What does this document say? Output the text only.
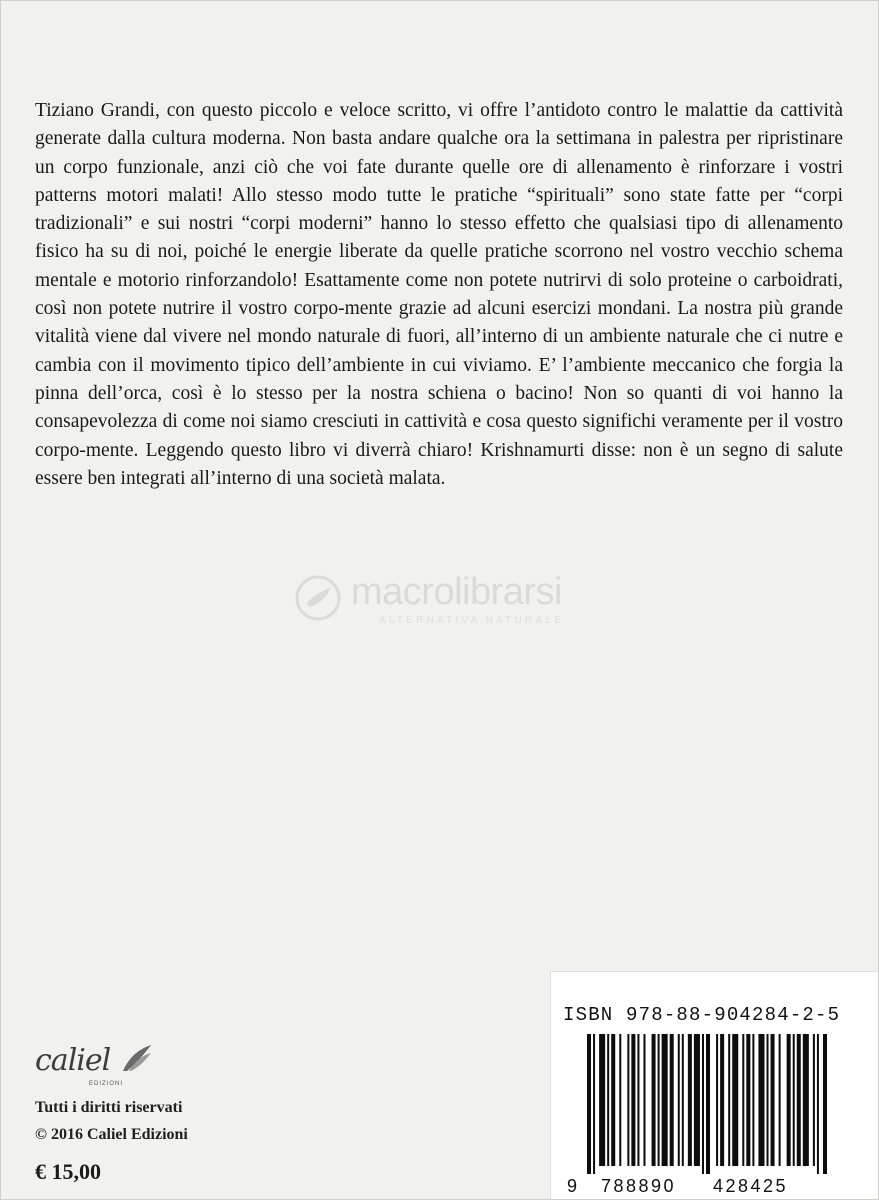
Tiziano Grandi, con questo piccolo e veloce scritto, vi offre l’antidoto contro le malattie da cattività generate dalla cultura moderna. Non basta andare qualche ora la settimana in palestra per ripristinare un corpo funzionale, anzi ciò che voi fate durante quelle ore di allenamento è rinforzare i vostri patterns motori malati! Allo stesso modo tutte le pratiche “spirituali” sono state fatte per “corpi tradizionali” e sui nostri “corpi moderni” hanno lo stesso effetto che qualsiasi tipo di allenamento fisico ha su di noi, poiché le energie liberate da quelle pratiche scorrono nel vostro vecchio schema mentale e motorio rinforzandolo! Esattamente come non potete nutrirvi di solo proteine o carboidrati, così non potete nutrire il vostro corpo-mente grazie ad alcuni esercizi mondani. La nostra più grande vitalità viene dal vivere nel mondo naturale di fuori, all’interno di un ambiente naturale che ci nutre e cambia con il movimento tipico dell’ambiente in cui viviamo. E’ l’ambiente meccanico che forgia la pinna dell’orca, così è lo stesso per la nostra schiena o bacino! Non so quanti di voi hanno la consapevolezza di come noi siamo cresciuti in cattività e cosa questo significhi veramente per il vostro corpo-mente. Leggendo questo libro vi diverrà chiaro! Krishnamurti disse: non è un segno di salute essere ben integrati all’interno di una società malata.

macrolibrarsi
ALTERNATIVA NATURALE
caliel
EDIZIONI
Tutti i diritti riservati
© 2016 Caliel Edizioni
€ 15,00
ISBN 978-88-904284-2-5
9 788890 428425
